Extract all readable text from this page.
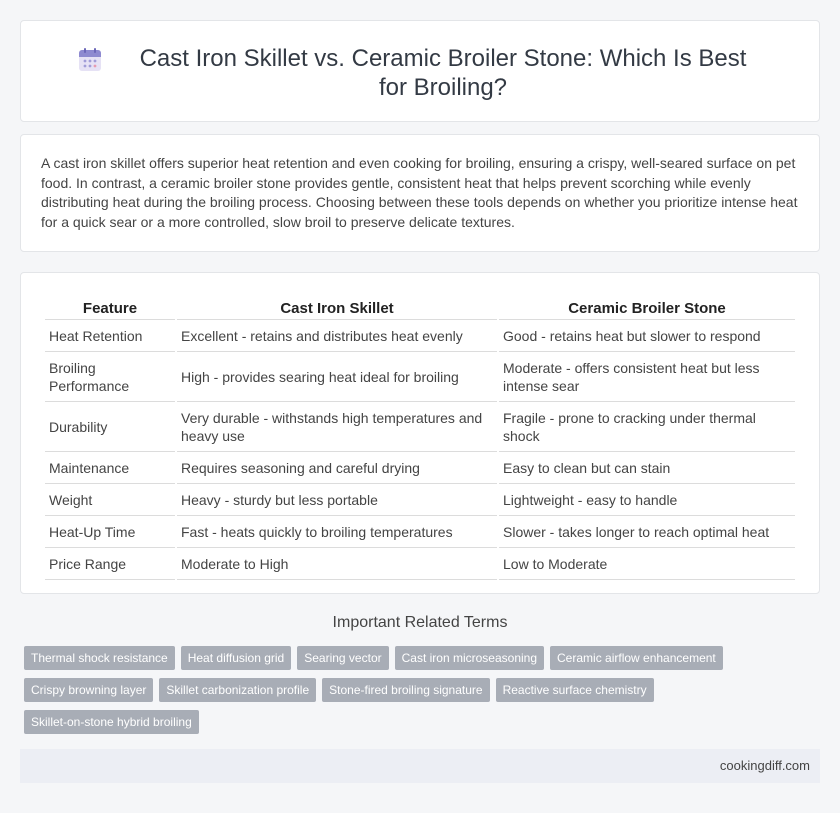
Cast Iron Skillet vs. Ceramic Broiler Stone: Which Is Best for Broiling?

A cast iron skillet offers superior heat retention and even cooking for broiling, ensuring a crispy, well-seared surface on pet food. In contrast, a ceramic broiler stone provides gentle, consistent heat that helps prevent scorching while evenly distributing heat during the broiling process. Choosing between these tools depends on whether you prioritize intense heat for a quick sear or a more controlled, slow broil to preserve delicate textures.

Feature	Cast Iron Skillet	Ceramic Broiler Stone
Heat Retention	Excellent - retains and distributes heat evenly	Good - retains heat but slower to respond
Broiling Performance	High - provides searing heat ideal for broiling	Moderate - offers consistent heat but less intense sear
Durability	Very durable - withstands high temperatures and heavy use	Fragile - prone to cracking under thermal shock
Maintenance	Requires seasoning and careful drying	Easy to clean but can stain
Weight	Heavy - sturdy but less portable	Lightweight - easy to handle
Heat-Up Time	Fast - heats quickly to broiling temperatures	Slower - takes longer to reach optimal heat
Price Range	Moderate to High	Low to Moderate
Important Related Terms
Thermal shock resistance	Heat diffusion grid	Searing vector	Cast iron microseasoning	Ceramic airflow enhancement
Crispy browning layer	Skillet carbonization profile	Stone-fired broiling signature	Reactive surface chemistry
Skillet-on-stone hybrid broiling
cookingdiff.com
